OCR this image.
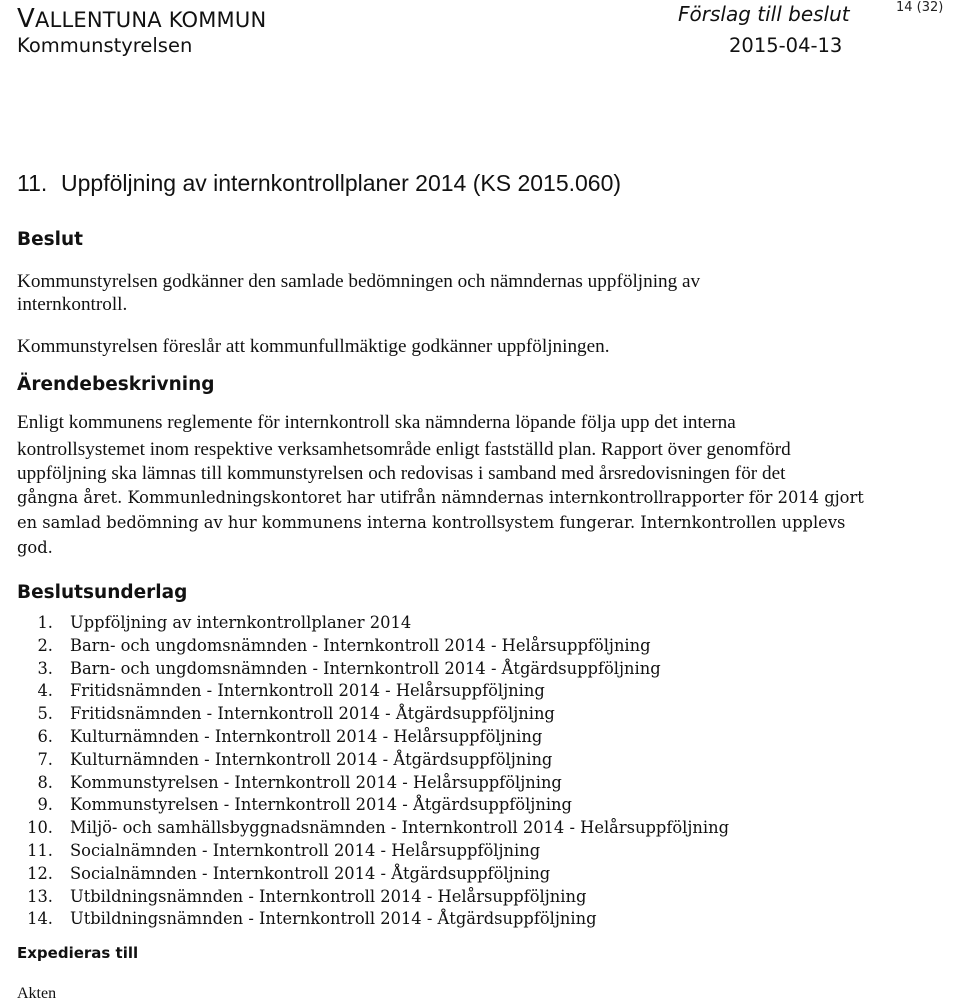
VALLENTUNA KOMMUN
Kommunstyrelsen
Förslag till beslut
2015-04-13
14 (32)
11. Uppföljning av internkontrollplaner 2014 (KS 2015.060)
Beslut
Kommunstyrelsen godkänner den samlade bedömningen och nämndernas uppföljning av
internkontroll.
Kommunstyrelsen föreslår att kommunfullmäktige godkänner uppföljningen.
Ärendebeskrivning
Enligt kommunens reglemente för internkontroll ska nämnderna löpande följa upp det interna
kontrollsystemet inom respektive verksamhetsområde enligt fastställd plan. Rapport över genomförd
uppföljning ska lämnas till kommunstyrelsen och redovisas i samband med årsredovisningen för det
gångna året. Kommunledningskontoret har utifrån nämndernas internkontrollrapporter för 2014 gjort
en samlad bedömning av hur kommunens interna kontrollsystem fungerar. Internkontrollen upplevs
god.
Beslutsunderlag
1. Uppföljning av internkontrollplaner 2014
2. Barn- och ungdomsnämnden - Internkontroll 2014 - Helårsuppföljning
3. Barn- och ungdomsnämnden - Internkontroll 2014 - Åtgärdsuppföljning
4. Fritidsnämnden - Internkontroll 2014 - Helårsuppföljning
5. Fritidsnämnden - Internkontroll 2014 - Åtgärdsuppföljning
6. Kulturnämnden - Internkontroll 2014 - Helårsuppföljning
7. Kulturnämnden - Internkontroll 2014 - Åtgärdsuppföljning
8. Kommunstyrelsen - Internkontroll 2014 - Helårsuppföljning
9. Kommunstyrelsen - Internkontroll 2014 - Åtgärdsuppföljning
10. Miljö- och samhällsbyggnadsnämnden - Internkontroll 2014 - Helårsuppföljning
11. Socialnämnden - Internkontroll 2014 - Helårsuppföljning
12. Socialnämnden - Internkontroll 2014 - Åtgärdsuppföljning
13. Utbildningsnämnden - Internkontroll 2014 - Helårsuppföljning
14. Utbildningsnämnden - Internkontroll 2014 - Åtgärdsuppföljning
Expedieras till
Akten
